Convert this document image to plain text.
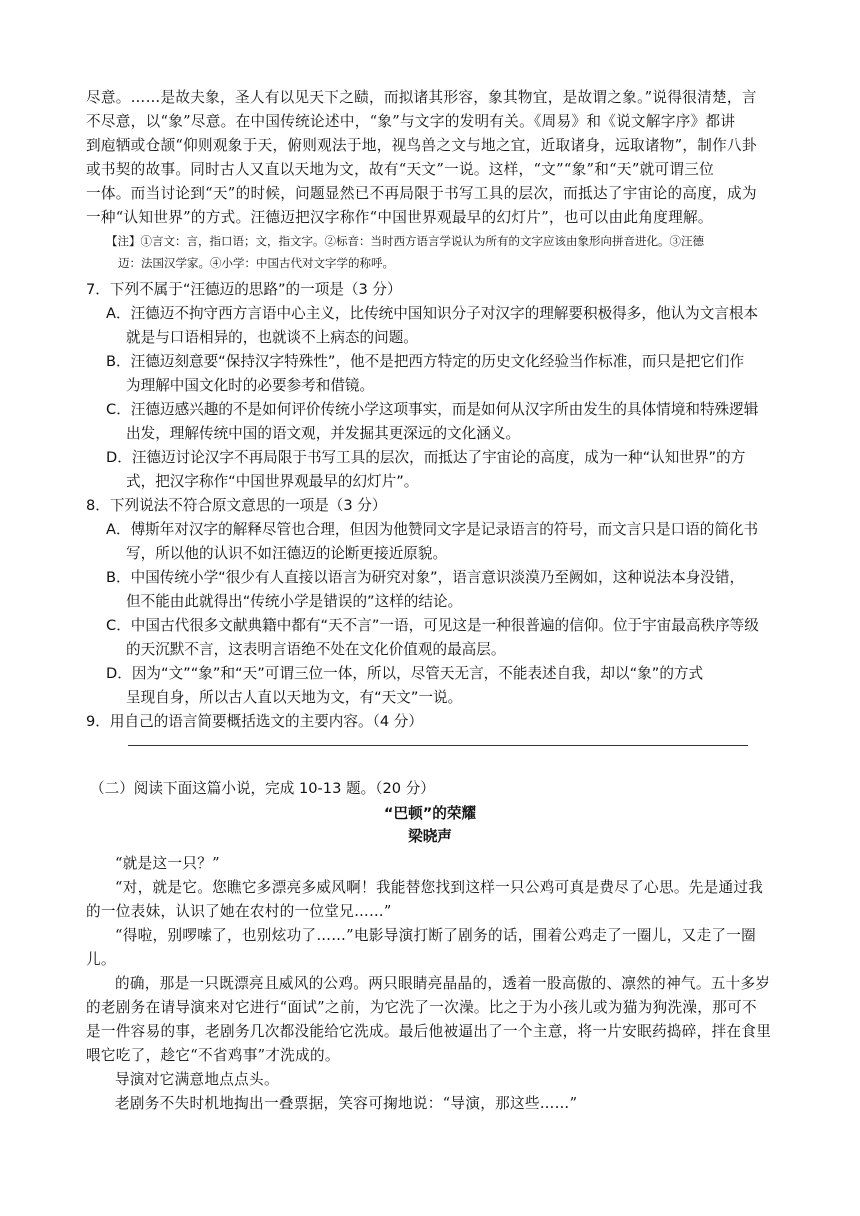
尽意。……是故夫象，圣人有以见天下之赜，而拟诸其形容，象其物宜，是故谓之象。”说得很清楚，言
不尽意，以“象”尽意。在中国传统论述中，“象”与文字的发明有关。《周易》和《说文解字序》都讲
到庖牺或仓颉“仰则观象于天，俯则观法于地，视鸟兽之文与地之宜，近取诸身，远取诸物”，制作八卦
或书契的故事。同时古人又直以天地为文，故有“天文”一说。这样，“文”“象”和“天”就可谓三位
一体。而当讨论到“天”的时候，问题显然已不再局限于书写工具的层次，而抵达了宇宙论的高度，成为
一种“认知世界”的方式。汪德迈把汉字称作“中国世界观最早的幻灯片”，也可以由此角度理解。
【注】①言文：言，指口语；文，指文字。②标音：当时西方语言学说认为所有的文字应该由象形向拼音进化。③汪德
迈：法国汉学家。④小学：中国古代对文字学的称呼。
7．下列不属于“汪德迈的思路”的一项是（3 分）
A．汪德迈不拘守西方言语中心主义，比传统中国知识分子对汉字的理解要积极得多，他认为文言根本
就是与口语相异的，也就谈不上病态的问题。
B．汪德迈刻意要“保持汉字特殊性”，他不是把西方特定的历史文化经验当作标准，而只是把它们作
为理解中国文化时的必要参考和借镜。
C．汪德迈感兴趣的不是如何评价传统小学这项事实，而是如何从汉字所由发生的具体情境和特殊逻辑
出发，理解传统中国的语文观，并发掘其更深远的文化涵义。
D．汪德迈讨论汉字不再局限于书写工具的层次，而抵达了宇宙论的高度，成为一种“认知世界”的方
式，把汉字称作“中国世界观最早的幻灯片”。
8．下列说法不符合原文意思的一项是（3 分）
A．傅斯年对汉字的解释尽管也合理，但因为他赞同文字是记录语言的符号，而文言只是口语的简化书
写，所以他的认识不如汪德迈的论断更接近原貌。
B．中国传统小学“很少有人直接以语言为研究对象”，语言意识淡漠乃至阙如，这种说法本身没错，
但不能由此就得出“传统小学是错误的”这样的结论。
C．中国古代很多文献典籍中都有“天不言”一语，可见这是一种很普遍的信仰。位于宇宙最高秩序等级
的天沉默不言，这表明言语绝不处在文化价值观的最高层。
D．因为“文”“象”和“天”可谓三位一体，所以，尽管天无言，不能表述自我，却以“象”的方式
呈现自身，所以古人直以天地为文，有“天文”一说。
9．用自己的语言简要概括选文的主要内容。（4 分）
（二）阅读下面这篇小说，完成 10-13 题。（20 分）
“巴顿”的荣耀
梁晓声
“就是这一只？”
“对，就是它。您瞧它多漂亮多威风啊！我能替您找到这样一只公鸡可真是费尽了心思。先是通过我
的一位表妹，认识了她在农村的一位堂兄……”
“得啦，别啰嗦了，也别炫功了……”电影导演打断了剧务的话，围着公鸡走了一圈儿，又走了一圈
儿。
的确，那是一只既漂亮且威风的公鸡。两只眼睛亮晶晶的，透着一股高傲的、凛然的神气。五十多岁
的老剧务在请导演来对它进行“面试”之前，为它洗了一次澡。比之于为小孩儿或为猫为狗洗澡，那可不
是一件容易的事，老剧务几次都没能给它洗成。最后他被逼出了一个主意，将一片安眠药捣碎，拌在食里
喂它吃了，趁它“不省鸡事”才洗成的。
导演对它满意地点点头。
老剧务不失时机地掏出一叠票据，笑容可掬地说：“导演，那这些……”
